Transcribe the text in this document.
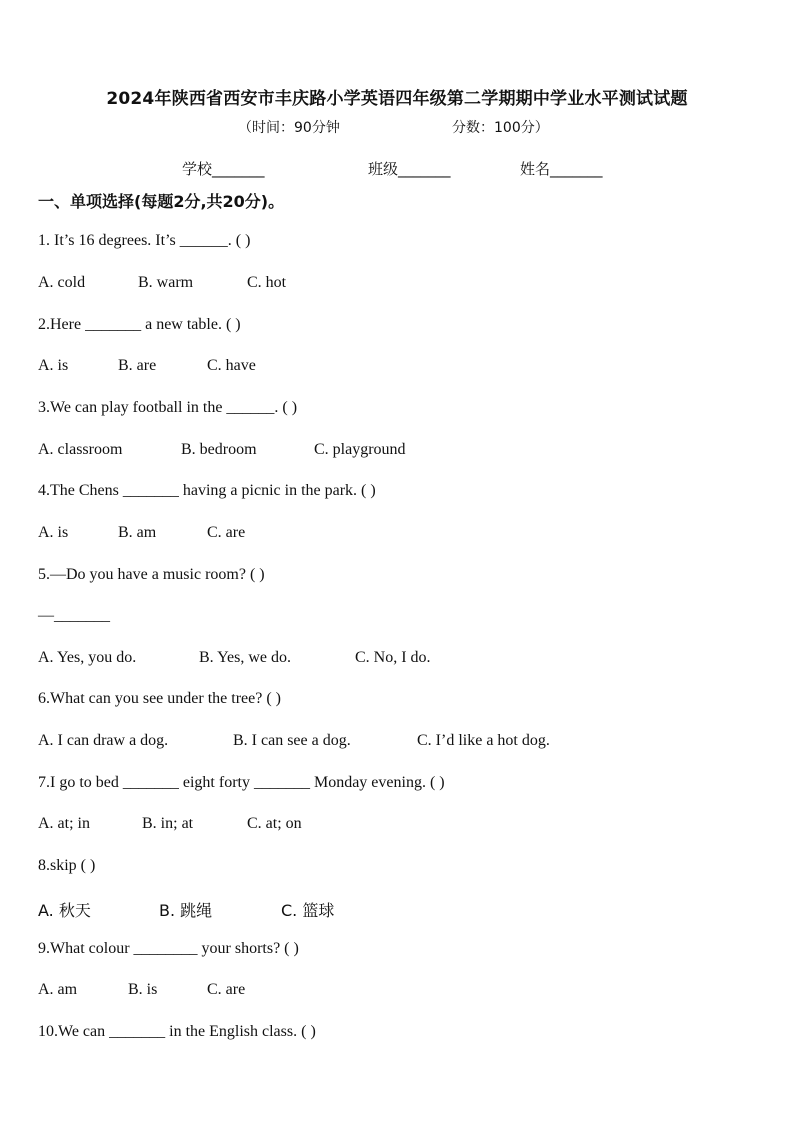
2024年陕西省西安市丰庆路小学英语四年级第二学期期中学业水平测试试题
（时间：90分钟	分数：100分）
学校_______	班级_______	姓名_______
一、单项选择(每题2分,共20分)。
1. It’s 16 degrees. It’s ______. ( )
A. cold	B. warm	C. hot
2.Here _______ a new table. ( )
A. is	B. are	C. have
3.We can play football in the ______. ( )
A. classroom	B. bedroom	C. playground
4.The Chens _______ having a picnic in the park. ( )
A. is	B. am	C. are
5.—Do you have a music room? ( )
—_______
A. Yes, you do.	B. Yes, we do.	C. No, I do.
6.What can you see under the tree? ( )
A. I can draw a dog.	B. I can see a dog.	C. I’d like a hot dog.
7.I go to bed _______ eight forty _______ Monday evening. ( )
A. at; in	B. in; at	C. at; on
8.skip ( )
A. 秋天	B. 跳绳	C. 篮球
9.What colour ________ your shorts? ( )
A. am	B. is	C. are
10.We can _______ in the English class. ( )
